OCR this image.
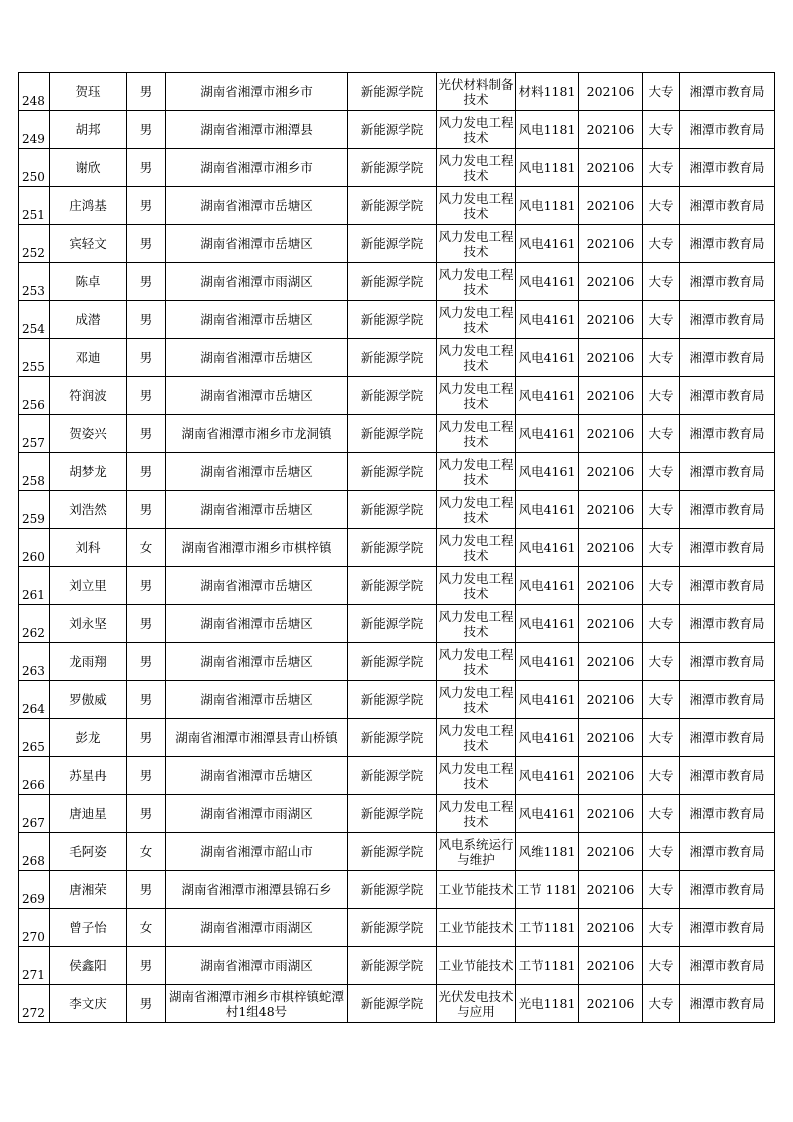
248	贺珏	男	湖南省湘潭市湘乡市	新能源学院	光伏材料制备技术	材料1181	202106	大专	湘潭市教育局

249	胡邦	男	湖南省湘潭市湘潭县	新能源学院	风力发电工程技术	风电1181	202106	大专	湘潭市教育局

250	谢欣	男	湖南省湘潭市湘乡市	新能源学院	风力发电工程技术	风电1181	202106	大专	湘潭市教育局

251	庄鸿基	男	湖南省湘潭市岳塘区	新能源学院	风力发电工程技术	风电1181	202106	大专	湘潭市教育局

252	宾轻文	男	湖南省湘潭市岳塘区	新能源学院	风力发电工程技术	风电4161	202106	大专	湘潭市教育局

253	陈卓	男	湖南省湘潭市雨湖区	新能源学院	风力发电工程技术	风电4161	202106	大专	湘潭市教育局

254	成潜	男	湖南省湘潭市岳塘区	新能源学院	风力发电工程技术	风电4161	202106	大专	湘潭市教育局

255	邓迪	男	湖南省湘潭市岳塘区	新能源学院	风力发电工程技术	风电4161	202106	大专	湘潭市教育局

256	符润波	男	湖南省湘潭市岳塘区	新能源学院	风力发电工程技术	风电4161	202106	大专	湘潭市教育局

257	贺姿兴	男	湖南省湘潭市湘乡市龙洞镇	新能源学院	风力发电工程技术	风电4161	202106	大专	湘潭市教育局

258	胡梦龙	男	湖南省湘潭市岳塘区	新能源学院	风力发电工程技术	风电4161	202106	大专	湘潭市教育局

259	刘浩然	男	湖南省湘潭市岳塘区	新能源学院	风力发电工程技术	风电4161	202106	大专	湘潭市教育局

260	刘科	女	湖南省湘潭市湘乡市棋梓镇	新能源学院	风力发电工程技术	风电4161	202106	大专	湘潭市教育局

261	刘立里	男	湖南省湘潭市岳塘区	新能源学院	风力发电工程技术	风电4161	202106	大专	湘潭市教育局

262	刘永坚	男	湖南省湘潭市岳塘区	新能源学院	风力发电工程技术	风电4161	202106	大专	湘潭市教育局

263	龙雨翔	男	湖南省湘潭市岳塘区	新能源学院	风力发电工程技术	风电4161	202106	大专	湘潭市教育局

264	罗傲威	男	湖南省湘潭市岳塘区	新能源学院	风力发电工程技术	风电4161	202106	大专	湘潭市教育局

265	彭龙	男	湖南省湘潭市湘潭县青山桥镇	新能源学院	风力发电工程技术	风电4161	202106	大专	湘潭市教育局

266	苏星冉	男	湖南省湘潭市岳塘区	新能源学院	风力发电工程技术	风电4161	202106	大专	湘潭市教育局

267	唐迪星	男	湖南省湘潭市雨湖区	新能源学院	风力发电工程技术	风电4161	202106	大专	湘潭市教育局

268	毛阿姿	女	湖南省湘潭市韶山市	新能源学院	风电系统运行与维护	风维1181	202106	大专	湘潭市教育局

269	唐湘荣	男	湖南省湘潭市湘潭县锦石乡	新能源学院	工业节能技术	工节 1181	202106	大专	湘潭市教育局

270	曾子怡	女	湖南省湘潭市雨湖区	新能源学院	工业节能技术	工节1181	202106	大专	湘潭市教育局

271	侯鑫阳	男	湖南省湘潭市雨湖区	新能源学院	工业节能技术	工节1181	202106	大专	湘潭市教育局

272	李文庆	男	湖南省湘潭市湘乡市棋梓镇蛇潭村1组48号	新能源学院	光伏发电技术与应用	光电1181	202106	大专	湘潭市教育局
